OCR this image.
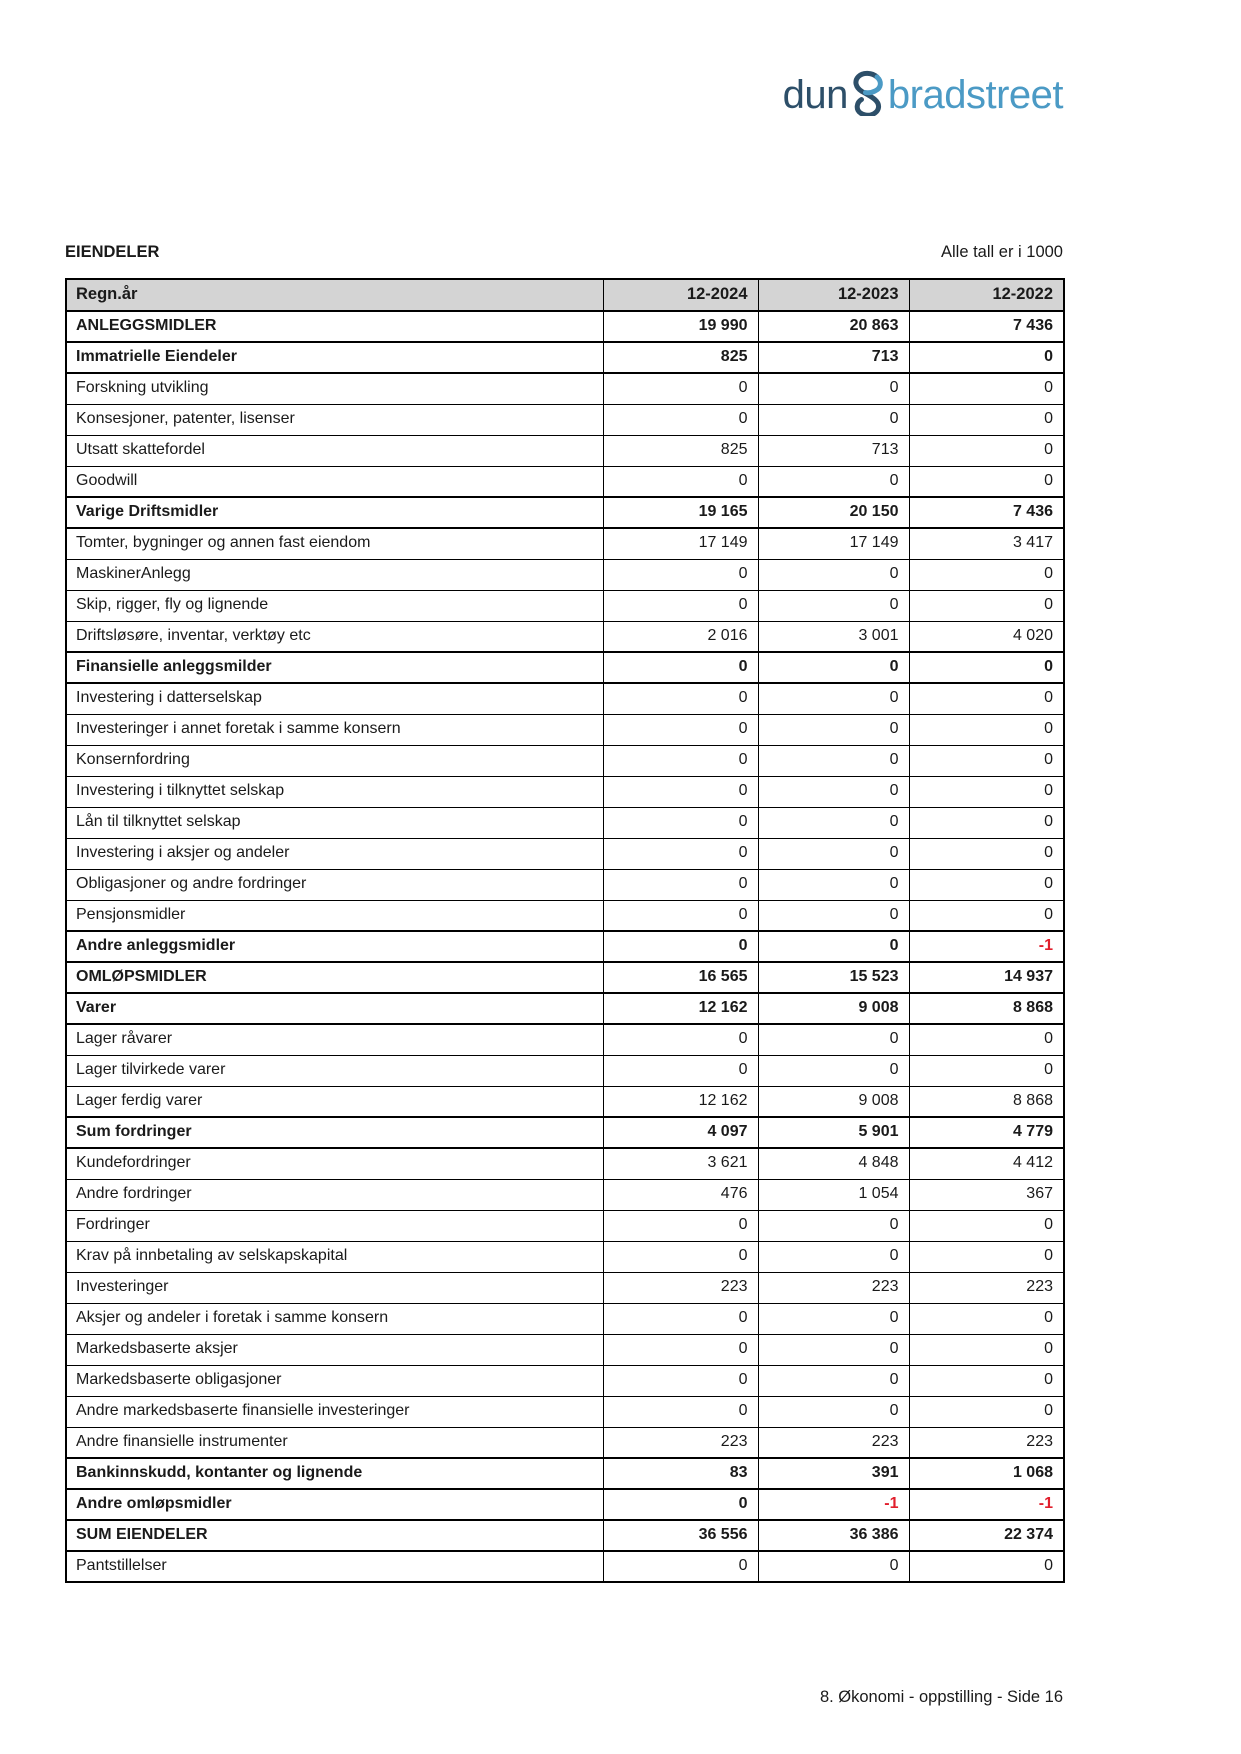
dun bradstreet
EIENDELER	Alle tall er i 1000
Regn.år	12-2024	12-2023	12-2022
ANLEGGSMIDLER	19 990	20 863	7 436
Immatrielle Eiendeler	825	713	0
Forskning utvikling	0	0	0
Konsesjoner, patenter, lisenser	0	0	0
Utsatt skattefordel	825	713	0
Goodwill	0	0	0
Varige Driftsmidler	19 165	20 150	7 436
Tomter, bygninger og annen fast eiendom	17 149	17 149	3 417
MaskinerAnlegg	0	0	0
Skip, rigger, fly og lignende	0	0	0
Driftsløsøre, inventar, verktøy etc	2 016	3 001	4 020
Finansielle anleggsmilder	0	0	0
Investering i datterselskap	0	0	0
Investeringer i annet foretak i samme konsern	0	0	0
Konsernfordring	0	0	0
Investering i tilknyttet selskap	0	0	0
Lån til tilknyttet selskap	0	0	0
Investering i aksjer og andeler	0	0	0
Obligasjoner og andre fordringer	0	0	0
Pensjonsmidler	0	0	0
Andre anleggsmidler	0	0	-1
OMLØPSMIDLER	16 565	15 523	14 937
Varer	12 162	9 008	8 868
Lager råvarer	0	0	0
Lager tilvirkede varer	0	0	0
Lager ferdig varer	12 162	9 008	8 868
Sum fordringer	4 097	5 901	4 779
Kundefordringer	3 621	4 848	4 412
Andre fordringer	476	1 054	367
Fordringer	0	0	0
Krav på innbetaling av selskapskapital	0	0	0
Investeringer	223	223	223
Aksjer og andeler i foretak i samme konsern	0	0	0
Markedsbaserte aksjer	0	0	0
Markedsbaserte obligasjoner	0	0	0
Andre markedsbaserte finansielle investeringer	0	0	0
Andre finansielle instrumenter	223	223	223
Bankinnskudd, kontanter og lignende	83	391	1 068
Andre omløpsmidler	0	-1	-1
SUM EIENDELER	36 556	36 386	22 374
Pantstillelser	0	0	0
8. Økonomi - oppstilling - Side 16
